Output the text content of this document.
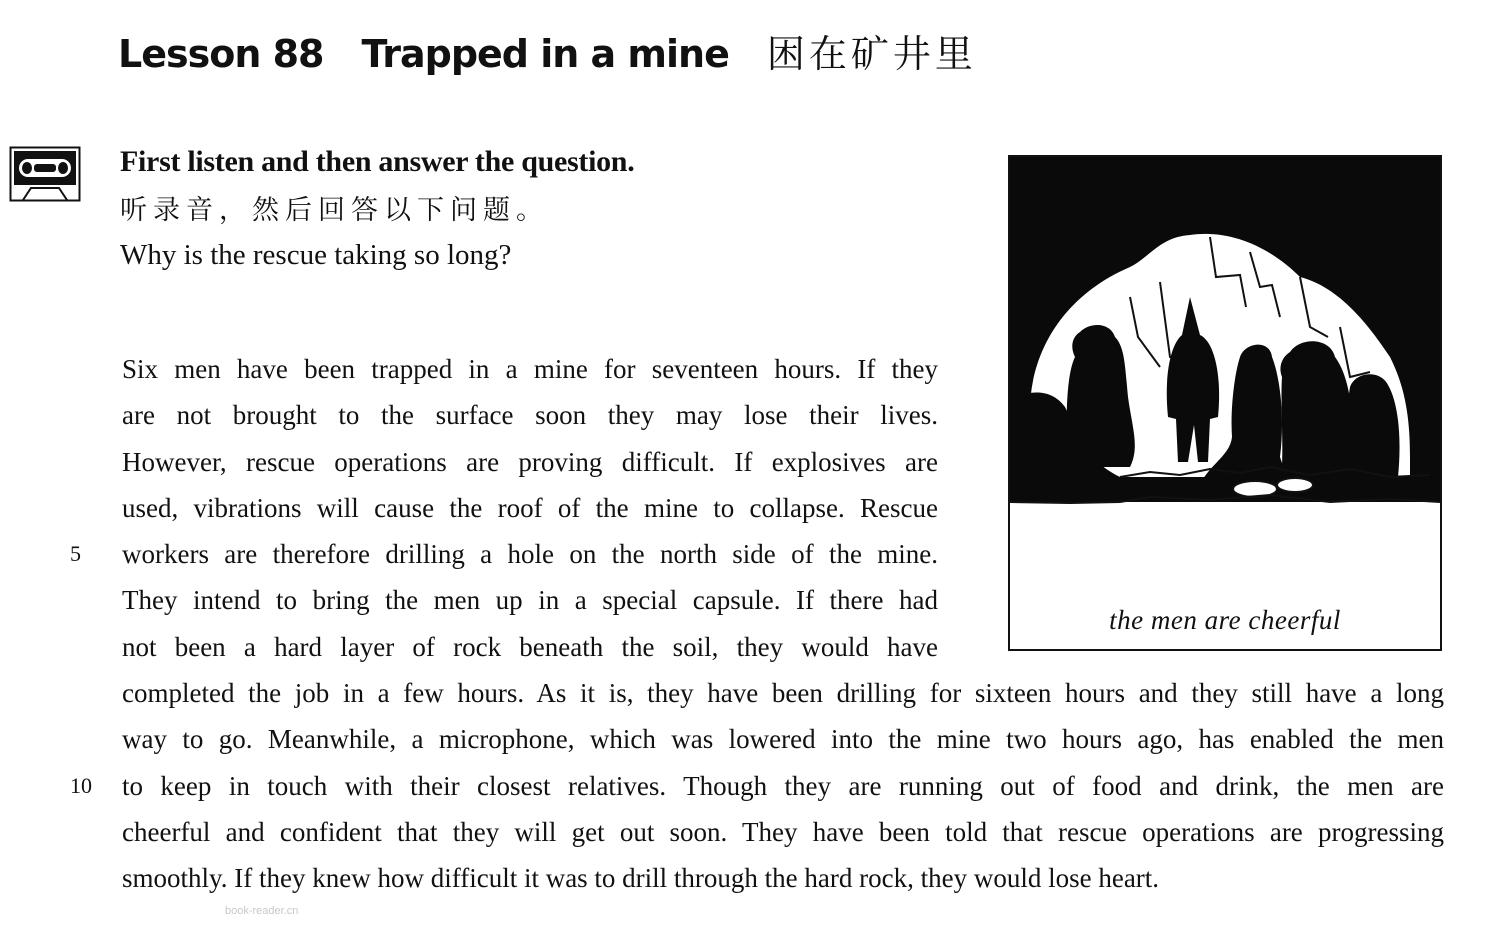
Lesson 88 Trapped in a mine 困在矿井里
First listen and then answer the question.
听录音，然后回答以下问题。
Why is the rescue taking so long?
Six men have been trapped in a mine for seventeen hours. If they
are not brought to the surface soon they may lose their lives.
However, rescue operations are proving difficult. If explosives are
used, vibrations will cause the roof of the mine to collapse. Rescue
5	workers are therefore drilling a hole on the north side of the mine.
They intend to bring the men up in a special capsule. If there had
not been a hard layer of rock beneath the soil, they would have
completed the job in a few hours. As it is, they have been drilling for sixteen hours and they still have a long
way to go. Meanwhile, a microphone, which was lowered into the mine two hours ago, has enabled the men
10 to keep in touch with their closest relatives. Though they are running out of food and drink, the men are
cheerful and confident that they will get out soon. They have been told that rescue operations are progressing
smoothly. If they knew how difficult it was to drill through the hard rock, they would lose heart.
the men are cheerful
book-reader.cn
